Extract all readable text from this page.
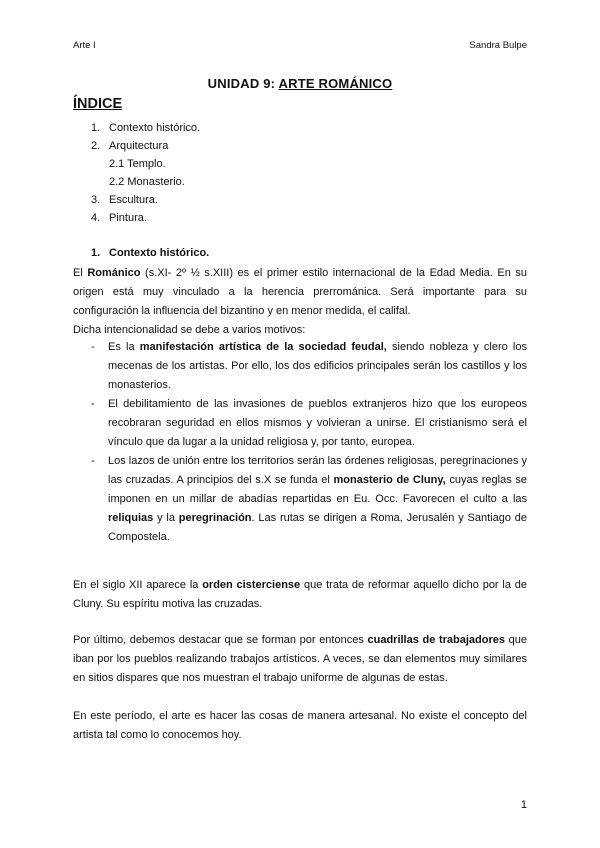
Arte I	Sandra Bulpe
UNIDAD 9: ARTE ROMÁNICO
ÍNDICE
1. Contexto histórico.
2. Arquitectura
2.1 Templo.
2.2 Monasterio.
3. Escultura.
4. Pintura.
1. Contexto histórico.
El Románico (s.XI- 2º ½ s.XIII) es el primer estilo internacional de la Edad Media. En su origen está muy vinculado a la herencia prerrománica. Será importante para su configuración la influencia del bizantino y en menor medida, el califal.
Dicha intencionalidad se debe a varios motivos:
- Es la manifestación artística de la sociedad feudal, siendo nobleza y clero los mecenas de los artistas. Por ello, los dos edificios principales serán los castillos y los monasterios.
- El debilitamiento de las invasiones de pueblos extranjeros hizo que los europeos recobraran seguridad en ellos mismos y volvieran a unirse. El cristianismo será el vínculo que da lugar a la unidad religiosa y, por tanto, europea.
- Los lazos de unión entre los territorios serán las órdenes religiosas, peregrinaciones y las cruzadas. A principios del s.X se funda el monasterio de Cluny, cuyas reglas se imponen en un millar de abadías repartidas en Eu. Occ. Favorecen el culto a las reliquias y la peregrinación. Las rutas se dirigen a Roma, Jerusalén y Santiago de Compostela.
En el siglo XII aparece la orden cisterciense que trata de reformar aquello dicho por la de Cluny. Su espíritu motiva las cruzadas.
Por último, debemos destacar que se forman por entonces cuadrillas de trabajadores que iban por los pueblos realizando trabajos artísticos. A veces, se dan elementos muy similares en sitios dispares que nos muestran el trabajo uniforme de algunas de estas.
En este período, el arte es hacer las cosas de manera artesanal. No existe el concepto del artista tal como lo conocemos hoy.
1
